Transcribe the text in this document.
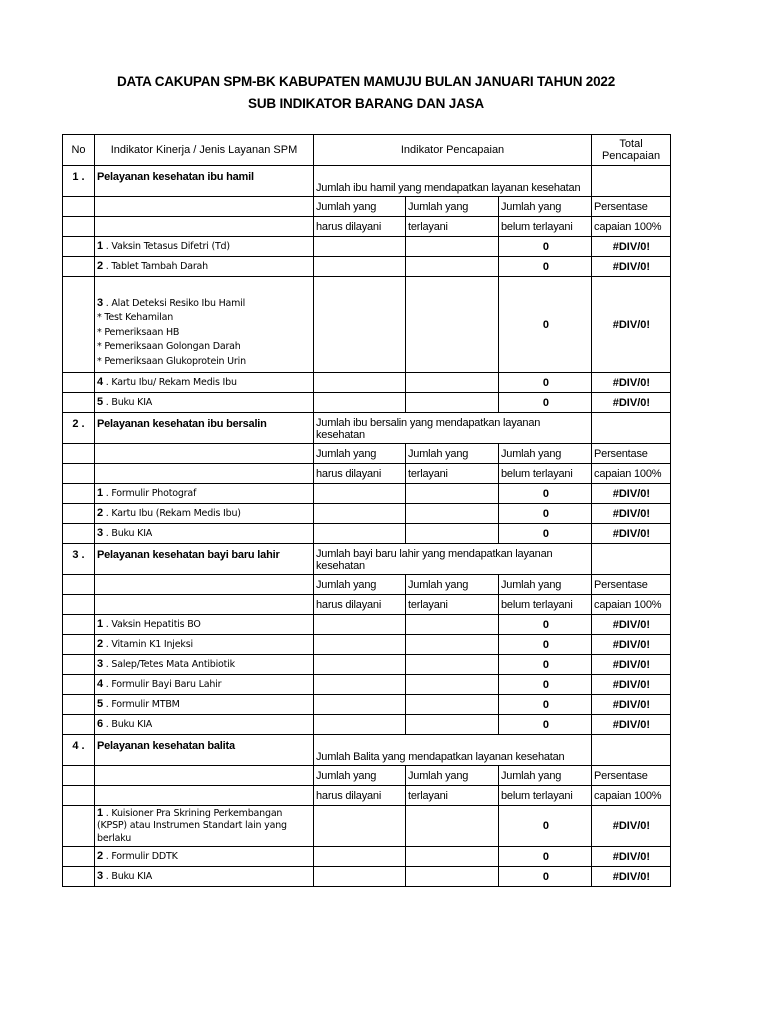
DATA CAKUPAN SPM-BK KABUPATEN MAMUJU BULAN JANUARI TAHUN 2022
SUB INDIKATOR BARANG DAN JASA
No	Indikator Kinerja / Jenis Layanan SPM	Indikator Pencapaian			Total
Pencapaian
1 .	Pelayanan kesehatan ibu hamil	Jumlah ibu hamil yang mendapatkan layanan kesehatan			
		Jumlah yang	Jumlah yang	Jumlah yang	Persentase
		harus dilayani	terlayani	belum terlayani	capaian 100%
	1 . Vaksin Tetasus Difetri (Td)			0	#DIV/0!
	2 . Tablet Tambah Darah			0	#DIV/0!
	3 . Alat Deteksi Resiko Ibu Hamil
* Test Kehamilan
* Pemeriksaan HB
* Pemeriksaan Golongan Darah
* Pemeriksaan Glukoprotein Urin			0	#DIV/0!
	4 . Kartu Ibu/ Rekam Medis Ibu			0	#DIV/0!
	5 . Buku KIA			0	#DIV/0!
2 .	Pelayanan kesehatan ibu bersalin	Jumlah ibu bersalin yang mendapatkan layanan kesehatan			
		Jumlah yang	Jumlah yang	Jumlah yang	Persentase
		harus dilayani	terlayani	belum terlayani	capaian 100%
	1 . Formulir Photograf			0	#DIV/0!
	2 . Kartu Ibu (Rekam Medis Ibu)			0	#DIV/0!
	3 . Buku KIA			0	#DIV/0!
3 .	Pelayanan kesehatan bayi baru lahir	Jumlah bayi baru lahir yang mendapatkan layanan kesehatan			
		Jumlah yang	Jumlah yang	Jumlah yang	Persentase
		harus dilayani	terlayani	belum terlayani	capaian 100%
	1 . Vaksin Hepatitis BO			0	#DIV/0!
	2 . Vitamin K1 Injeksi			0	#DIV/0!
	3 . Salep/Tetes Mata Antibiotik			0	#DIV/0!
	4 . Formulir Bayi Baru Lahir			0	#DIV/0!
	5 . Formulir MTBM			0	#DIV/0!
	6 . Buku KIA			0	#DIV/0!
4 .	Pelayanan kesehatan balita	Jumlah Balita yang mendapatkan layanan kesehatan			
		Jumlah yang	Jumlah yang	Jumlah yang	Persentase
		harus dilayani	terlayani	belum terlayani	capaian 100%
	1 . Kuisioner Pra Skrining Perkembangan (KPSP) atau Instrumen Standart lain yang berlaku			0	#DIV/0!
	2 . Formulir DDTK			0	#DIV/0!
	3 . Buku KIA			0	#DIV/0!
